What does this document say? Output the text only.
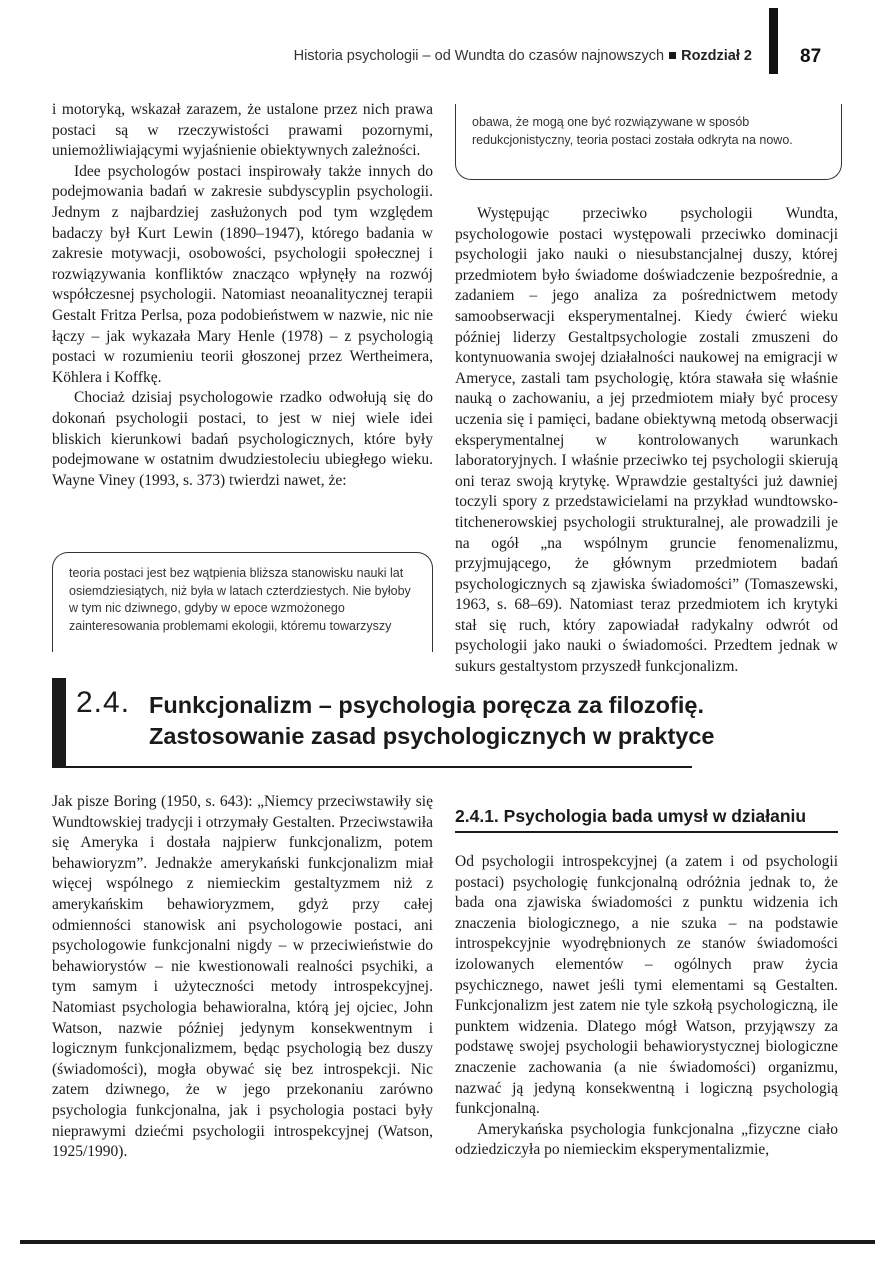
Historia psychologii – od Wundta do czasów najnowszych Rozdział 2	87

i motoryką, wskazał zarazem, że ustalone przez nich prawa postaci są w rzeczywistości prawami pozornymi, uniemożliwiającymi wyjaśnienie obiektywnych zależności.

Idee psychologów postaci inspirowały także innych do podejmowania badań w zakresie subdyscyplin psychologii. Jednym z najbardziej zasłużonych pod tym względem badaczy był Kurt Lewin (1890–1947), którego badania w zakresie motywacji, osobowości, psychologii społecznej i rozwiązywania konfliktów znacząco wpłynęły na rozwój współczesnej psychologii. Natomiast neoanalitycznej terapii Gestalt Fritza Perlsa, poza podobieństwem w nazwie, nic nie łączy – jak wykazała Mary Henle (1978) – z psychologią postaci w rozumieniu teorii głoszonej przez Wertheimera, Köhlera i Koffkę.

Chociaż dzisiaj psychologowie rzadko odwołują się do dokonań psychologii postaci, to jest w niej wiele idei bliskich kierunkowi badań psychologicznych, które były podejmowane w ostatnim dwudziestoleciu ubiegłego wieku. Wayne Viney (1993, s. 373) twierdzi nawet, że:

obawa, że mogą one być rozwiązywane w sposób redukcjonistyczny, teoria postaci została odkryta na nowo.

Występując przeciwko psychologii Wundta, psychologowie postaci występowali przeciwko dominacji psychologii jako nauki o niesubstancjalnej duszy, której przedmiotem było świadome doświadczenie bezpośrednie, a zadaniem – jego analiza za pośrednictwem metody samoobserwacji eksperymentalnej. Kiedy ćwierć wieku później liderzy Gestaltpsychologie zostali zmuszeni do kontynuowania swojej działalności naukowej na emigracji w Ameryce, zastali tam psychologię, która stawała się właśnie nauką o zachowaniu, a jej przedmiotem miały być procesy uczenia się i pamięci, badane obiektywną metodą obserwacji eksperymentalnej w kontrolowanych warunkach laboratoryjnych. I właśnie przeciwko tej psychologii skierują oni teraz swoją krytykę. Wprawdzie gestaltyści już dawniej toczyli spory z przedstawicielami na przykład wundtowsko-titchenerowskiej psychologii strukturalnej, ale prowadzili je na ogół „na wspólnym gruncie fenomenalizmu, przyjmującego, że głównym przedmiotem badań psychologicznych są zjawiska świadomości” (Tomaszewski, 1963, s. 68–69). Natomiast teraz przedmiotem ich krytyki stał się ruch, który zapowiadał radykalny odwrót od psychologii jako nauki o świadomości. Przedtem jednak w sukurs gestaltystom przyszedł funkcjonalizm.

teoria postaci jest bez wątpienia bliższa stanowisku nauki lat osiemdziesiątych, niż była w latach czterdziestych. Nie byłoby w tym nic dziwnego, gdyby w epoce wzmożonego zainteresowania problemami ekologii, któremu towarzyszy
2.4. Funkcjonalizm – psychologia poręcza za filozofię.
Zastosowanie zasad psychologicznych w praktyce

Jak pisze Boring (1950, s. 643): „Niemcy przeciwstawiły się Wundtowskiej tradycji i otrzymały Gestalten. Przeciwstawiła się Ameryka i dostała najpierw funkcjonalizm, potem behawioryzm”. Jednakże amerykański funkcjonalizm miał więcej wspólnego z niemieckim gestaltyzmem niż z amerykańskim behawioryzmem, gdyż przy całej odmienności stanowisk ani psychologowie postaci, ani psychologowie funkcjonalni nigdy – w przeciwieństwie do behawiorystów – nie kwestionowali realności psychiki, a tym samym i użyteczności metody introspekcyjnej. Natomiast psychologia behawioralna, którą jej ojciec, John Watson, nazwie później jedynym konsekwentnym i logicznym funkcjonalizmem, będąc psychologią bez duszy (świadomości), mogła obywać się bez introspekcji. Nic zatem dziwnego, że w jego przekonaniu zarówno psychologia funkcjonalna, jak i psychologia postaci były nieprawymi dziećmi psychologii introspekcyjnej (Watson, 1925/1990).

2.4.1. Psychologia bada umysł w działaniu

Od psychologii introspekcyjnej (a zatem i od psychologii postaci) psychologię funkcjonalną odróżnia jednak to, że bada ona zjawiska świadomości z punktu widzenia ich znaczenia biologicznego, a nie szuka – na podstawie introspekcyjnie wyodrębnionych ze stanów świadomości izolowanych elementów – ogólnych praw życia psychicznego, nawet jeśli tymi elementami są Gestalten. Funkcjonalizm jest zatem nie tyle szkołą psychologiczną, ile punktem widzenia. Dlatego mógł Watson, przyjąwszy za podstawę swojej psychologii behawiorystycznej biologiczne znaczenie zachowania (a nie świadomości) organizmu, nazwać ją jedyną konsekwentną i logiczną psychologią funkcjonalną.

Amerykańska psychologia funkcjonalna „fizyczne ciało odziedziczyła po niemieckim eksperymentalizmie,
